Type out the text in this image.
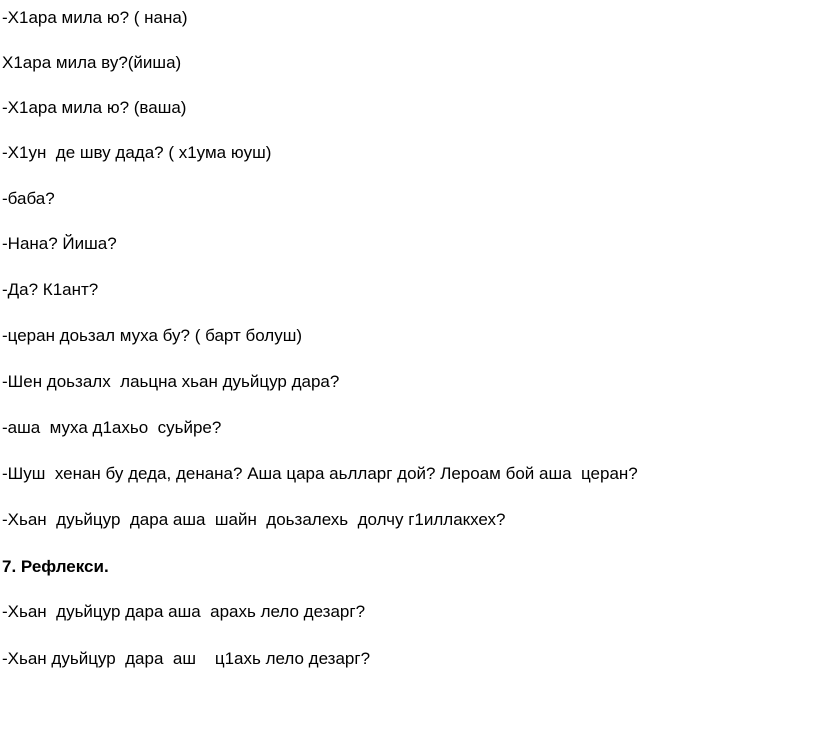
-Х1ара мила ю? ( нана)

Х1ара мила ву?(йиша)

-Х1ара мила ю? (ваша)

-Х1ун  де шву дада? ( х1ума юуш)

-баба?

-Нана? Йиша?

-Да? К1ант?

-церан доьзал муха бу? ( барт болуш)

-Шен доьзалх  лаьцна хьан дуьйцур дара?

-аша  муха д1ахьо  суьйре?

-Шуш  хенан бу деда, денана? Аша цара аьлларг дой? Лероам бой аша  церан?

-Хьан  дуьйцур  дара аша  шайн  доьзалехь  долчу г1иллакхех?

7. Рефлекси.

-Хьан  дуьйцур дара аша  арахь лело дезарг?

-Хьан дуьйцур  дара  аш    ц1ахь лело дезарг?
